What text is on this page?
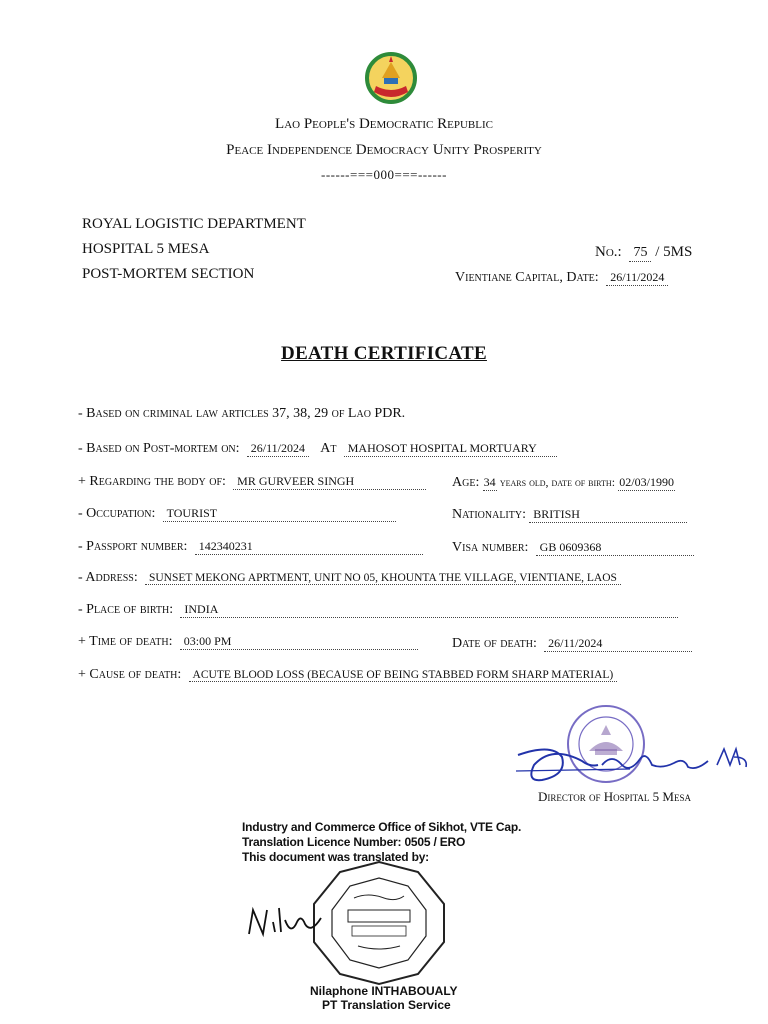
Lao People's Democratic Republic
Peace Independence Democracy Unity Prosperity
------===000===------
ROYAL LOGISTIC DEPARTMENT
HOSPITAL 5 MESA
POST-MORTEM SECTION
No.: 75 / 5MS
Vientiane Capital, Date: 26/11/2024
DEATH CERTIFICATE
- Based on criminal law articles 37, 38, 29 of Lao PDR.
- Based on Post-mortem on: 26/11/2024 At MAHOSOT HOSPITAL MORTUARY
+ Regarding the body of: MR GURVEER SINGH	Age: 34 years old, date of birth: 02/03/1990
- Occupation: TOURIST	Nationality: BRITISH
- Passport number: 142340231	Visa number: GB 0609368
- Address: SUNSET MEKONG APRTMENT, UNIT NO 05, KHOUNTA THE VILLAGE, VIENTIANE, LAOS
- Place of birth: INDIA
+ Time of death: 03:00 PM	Date of death: 26/11/2024
+ Cause of death: ACUTE BLOOD LOSS (BECAUSE OF BEING STABBED FORM SHARP MATERIAL)
Director of Hospital 5 Mesa
Industry and Commerce Office of Sikhot, VTE Cap.
Translation Licence Number: 0505 / ERO
This document was translated by:
Nilaphone INTHABOUALY
PT Translation Service
